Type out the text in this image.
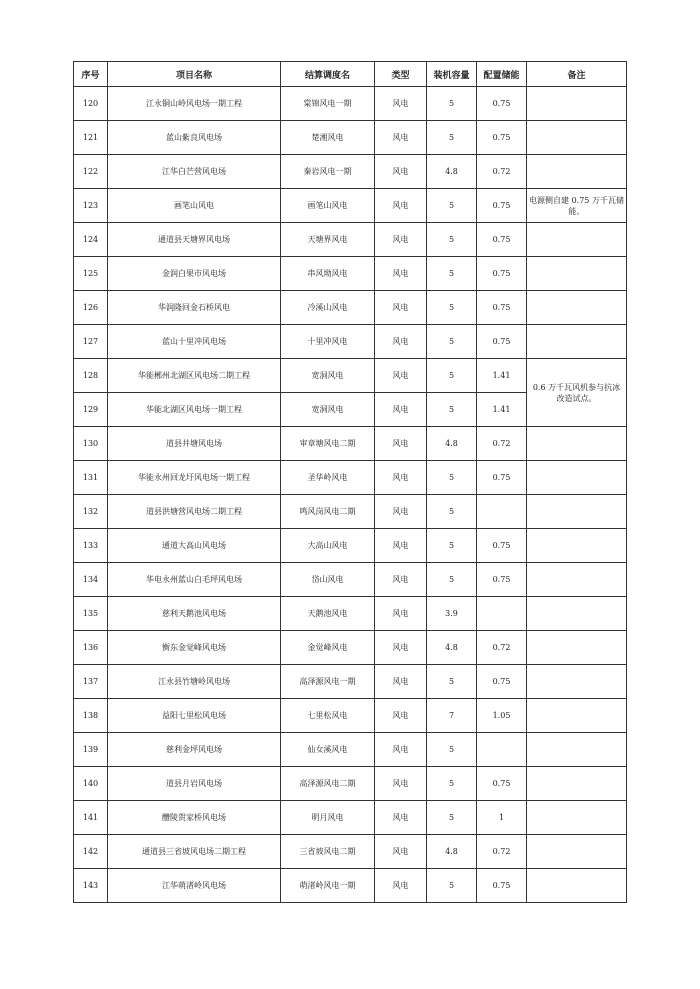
序号	项目名称	结算调度名	类型	装机容量	配置储能	备注
120	江永铜山岭风电场一期工程	棠锦风电一期	风电	5	0.75	
121	蓝山紫良风电场	楚湘风电	风电	5	0.75	
122	江华白芒营风电场	秦岩风电一期	风电	4.8	0.72	
123	画笔山风电	画笔山风电	风电	5	0.75	电源侧自建 0.75 万千瓦储能。
124	通道县天塘界风电场	天塘界风电	风电	5	0.75	
125	金润白果市风电场	串风坳风电	风电	5	0.75	
126	华润隆回金石桥风电	冷溪山风电	风电	5	0.75	
127	蓝山十里冲风电场	十里冲风电	风电	5	0.75	
128	华能郴州北湖区风电场二期工程	宽洞风电	风电	5	1.41	0.6 万千瓦风机参与抗冰改造试点。
129	华能北湖区风电场一期工程	宽洞风电	风电	5	1.41	
130	道县井塘风电场	审章塘风电二期	风电	4.8	0.72	
131	华能永州回龙圩风电场一期工程	圣华岭风电	风电	5	0.75	
132	道县洪塘营风电场二期工程	鸣风岗风电二期	风电	5		
133	通道大高山风电场	大高山风电	风电	5	0.75	
134	华电永州蓝山白毛坪风电场	岱山风电	风电	5	0.75	
135	慈利天鹅池风电场	天鹅池风电	风电	3.9		
136	衡东金觉峰风电场	金觉峰风电	风电	4.8	0.72	
137	江永县竹塘岭风电场	高泽源风电一期	风电	5	0.75	
138	益阳七里松风电场	七里松风电	风电	7	1.05	
139	慈利金坪风电场	仙女溪风电	风电	5		
140	道县月岩风电场	高泽源风电二期	风电	5	0.75	
141	醴陵贺家桥风电场	明月风电	风电	5	1	
142	通道县三省坡风电场二期工程	三省坡风电二期	风电	4.8	0.72	
143	江华萌渚岭风电场	萌渚岭风电一期	风电	5	0.75	
